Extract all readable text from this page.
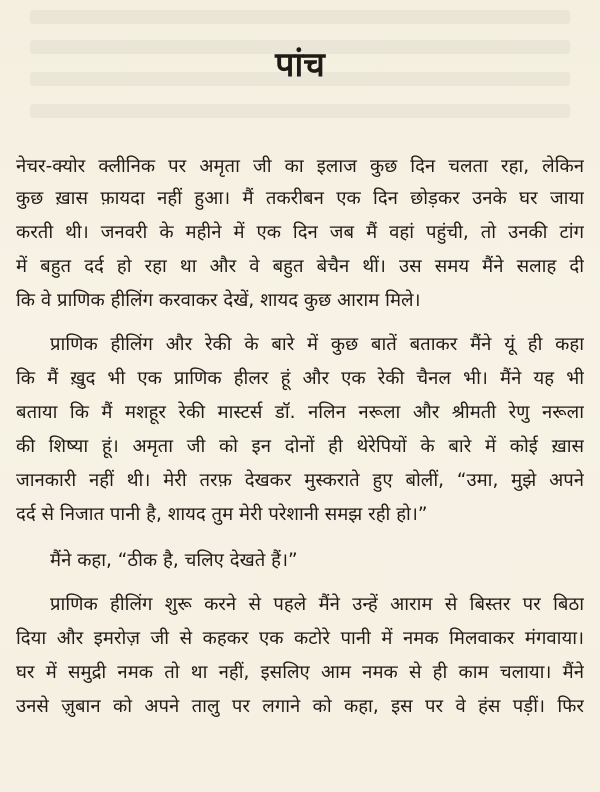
पांच
नेचर-क्योर क्लीनिक पर अमृता जी का इलाज कुछ दिन चलता रहा, लेकिन
कुछ ख़ास फ़ायदा नहीं हुआ। मैं तकरीबन एक दिन छोड़कर उनके घर जाया
करती थी। जनवरी के महीने में एक दिन जब मैं वहां पहुंची, तो उनकी टांग
में बहुत दर्द हो रहा था और वे बहुत बेचैन थीं। उस समय मैंने सलाह दी
कि वे प्राणिक हीलिंग करवाकर देखें, शायद कुछ आराम मिले।
प्राणिक हीलिंग और रेकी के बारे में कुछ बातें बताकर मैंने यूं ही कहा
कि मैं ख़ुद भी एक प्राणिक हीलर हूं और एक रेकी चैनल भी। मैंने यह भी
बताया कि मैं मशहूर रेकी मास्टर्स डॉ. नलिन नरूला और श्रीमती रेणु नरूला
की शिष्या हूं। अमृता जी को इन दोनों ही थेरेपियों के बारे में कोई ख़ास
जानकारी नहीं थी। मेरी तरफ़ देखकर मुस्कराते हुए बोलीं, “उमा, मुझे अपने
दर्द से निजात पानी है, शायद तुम मेरी परेशानी समझ रही हो।”
मैंने कहा, “ठीक है, चलिए देखते हैं।”
प्राणिक हीलिंग शुरू करने से पहले मैंने उन्हें आराम से बिस्तर पर बिठा
दिया और इमरोज़ जी से कहकर एक कटोरे पानी में नमक मिलवाकर मंगवाया।
घर में समुद्री नमक तो था नहीं, इसलिए आम नमक से ही काम चलाया। मैंने
उनसे ज़ुबान को अपने तालु पर लगाने को कहा, इस पर वे हंस पड़ीं। फिर
